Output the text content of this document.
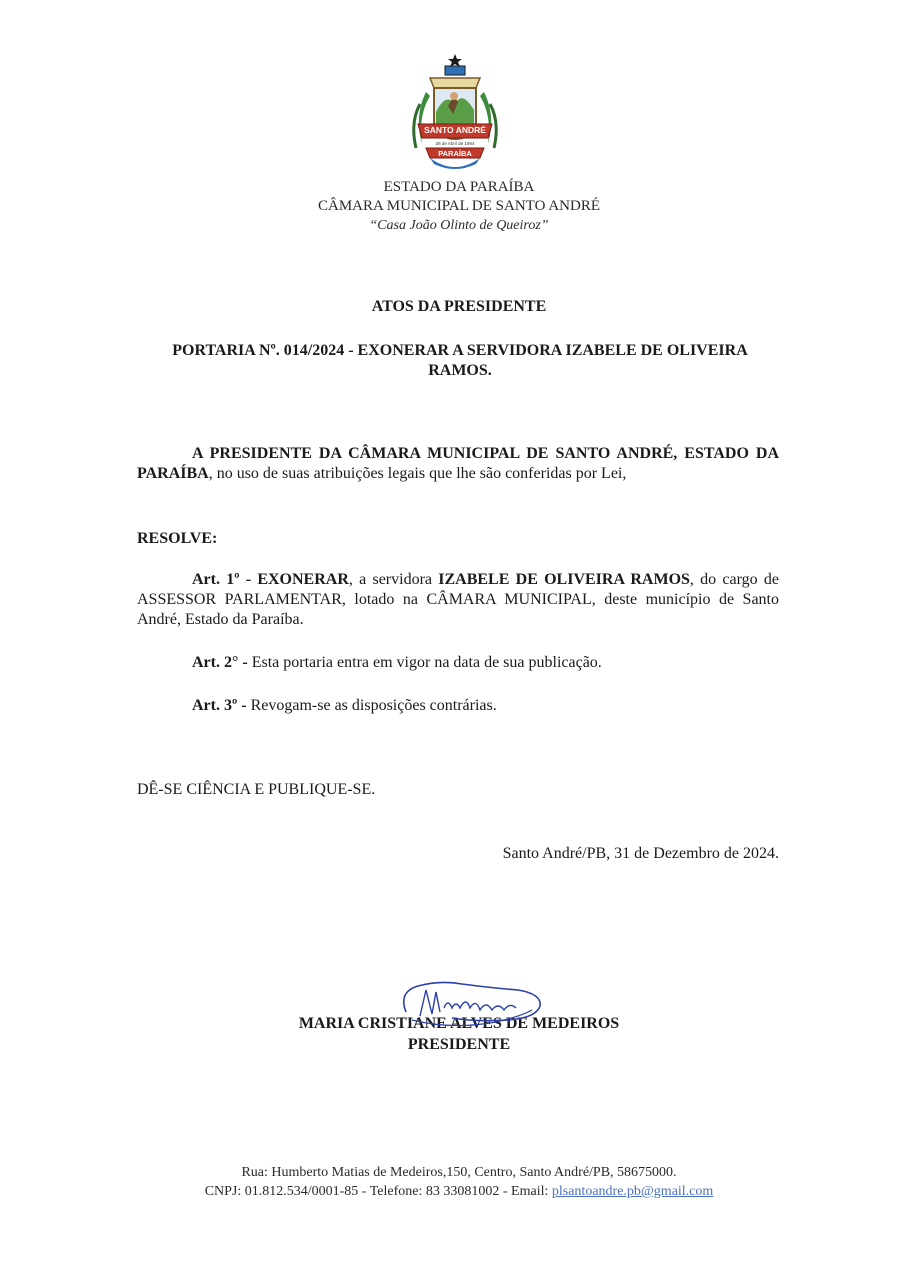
SANTO ANDRÉ
28 de Abril de 1994
PARAÍBA
ESTADO DA PARAÍBA
CÂMARA MUNICIPAL DE SANTO ANDRÉ
“Casa João Olinto de Queiroz”
ATOS DA PRESIDENTE
PORTARIA Nº. 014/2024 - EXONERAR A SERVIDORA IZABELE DE OLIVEIRA RAMOS.
A PRESIDENTE DA CÂMARA MUNICIPAL DE SANTO ANDRÉ, ESTADO DA PARAÍBA, no uso de suas atribuições legais que lhe são conferidas por Lei,
RESOLVE:
Art. 1º - EXONERAR, a servidora IZABELE DE OLIVEIRA RAMOS, do cargo de ASSESSOR PARLAMENTAR, lotado na CÂMARA MUNICIPAL, deste município de Santo André, Estado da Paraíba.
Art. 2° - Esta portaria entra em vigor na data de sua publicação.
Art. 3º - Revogam-se as disposições contrárias.
DÊ-SE CIÊNCIA E PUBLIQUE-SE.
Santo André/PB, 31 de Dezembro de 2024.
MARIA CRISTIANE ALVES DE MEDEIROS
PRESIDENTE
Rua: Humberto Matias de Medeiros,150, Centro, Santo André/PB, 58675000.
CNPJ: 01.812.534/0001-85 - Telefone: 83 33081002 - Email: plsantoandre.pb@gmail.com
